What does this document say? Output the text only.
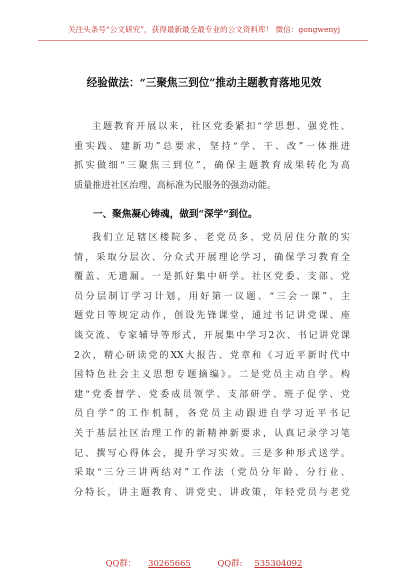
关注头条号“公文研究”，获得最新最全最专业的公文资料库！ 微信：gongwenyj
经验做法：“三聚焦三到位”推动主题教育落地见效
主题教育开展以来，社区党委紧扣“学思想、强党性、
重实践、建新功”总要求，坚持“学、干、改”一体推进
抓实做细“三聚焦三到位”，确保主题教育成果转化为高
质量推进社区治理、高标准为民服务的强劲动能。
一、聚焦凝心铸魂，做到“深学”到位。
我们立足辖区楼院多、老党员多、党员居住分散的实
情，采取分层次、分众式开展理论学习，确保学习教育全
覆盖、无遗漏。一是抓好集中研学。社区党委、支部、党
员分层制订学习计划，用好第一议题、“三会一课”、主
题党日等规定动作，创设先锋课堂，通过书记讲党课、座
谈交流、专家辅导等形式，开展集中学习2次、书记讲党课
2次，精心研读党的XX大报告、党章和《习近平新时代中
国特色社会主义思想专题摘编》。二是党员主动自学。构
建“党委督学、党委成员领学、支部研学、班子促学、党
员自学”的工作机制，各党员主动跟进自学习近平书记
关于基层社区治理工作的新精神新要求，认真记录学习笔
记、撰写心得体会，提升学习实效。三是多种形式送学。
采取“三分三讲两结对”工作法（党员分年龄、分行业、
分特长，讲主题教育、讲党史、讲政策，年轻党员与老党
QQ群： 30265665	QQ群: 535304092
